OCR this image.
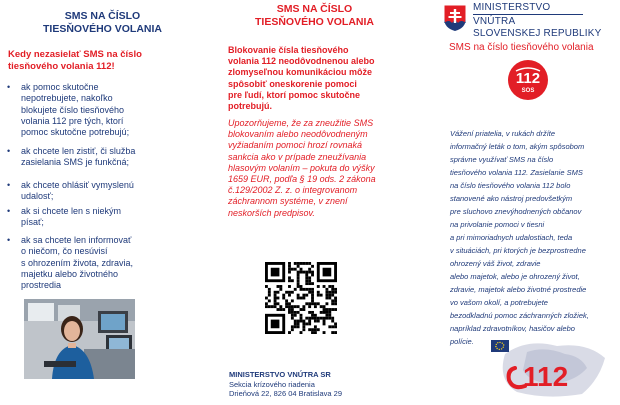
SMS NA ČÍSLO
TIESŇOVÉHO VOLANIA
Kedy nezasielať SMS na číslo
tiesňového volania 112!
•	ak pomoc skutočne
nepotrebujete, nakoľko
blokujete číslo tiesňového
volania 112 pre tých, ktorí
pomoc skutočne potrebujú;
•	ak chcete len zistiť, či služba
zasielania SMS je funkčná;
•	ak chcete ohlásiť vymyslenú
udalosť;
•	ak si chcete len s niekým
písať;
•	ak sa chcete len informovať
o niečom, čo nesúvisí
s ohrozením života, zdravia,
majetku alebo životného
prostredia
SMS NA ČÍSLO
TIESŇOVÉHO VOLANIA
Blokovanie čísla tiesňového
volania 112 neodôvodnenou alebo
zlomyseľnou komunikáciou môže
spôsobiť oneskorenie pomoci
pre ľudí, ktorí pomoc skutočne
potrebujú.
Upozorňujeme, že za zneužitie SMS
blokovaním alebo neodôvodneným
vyžiadaním pomoci hrozí rovnaká
sankcia ako v prípade zneužívania
hlasovým volaním – pokuta do výšky
1659 EUR, podľa § 19 ods. 2 zákona
č.129/2002 Z. z. o integrovanom
záchrannom systéme, v znení
neskorších predpisov.
MINISTERSTVO VNÚTRA SR
Sekcia krízového riadenia
Drieňová 22, 826 04 Bratislava 29
MINISTERSTVO
VNÚTRA
SLOVENSKEJ REPUBLIKY
SMS na číslo tiesňového volania
112
SOS
Vážení priatelia, v rukách držíte
informačný leták o tom, akým spôsobom
správne využívať SMS na číslo
tiesňového volania 112. Zasielanie SMS
na číslo tiesňového volania 112 bolo
stanovené ako nástroj predovšetkým
pre sluchovo znevýhodnených občanov
na privolanie pomoci v tiesni
a pri mimoriadnych udalostiach, teda
v situáciách, pri ktorých je bezprostredne
ohrozený váš život, zdravie
alebo majetok, alebo je ohrozený život,
zdravie, majetok alebo životné prostredie
vo vašom okolí, a potrebujete
bezodkladnú pomoc záchranných zložiek,
napríklad zdravotníkov, hasičov alebo
polície.
112
